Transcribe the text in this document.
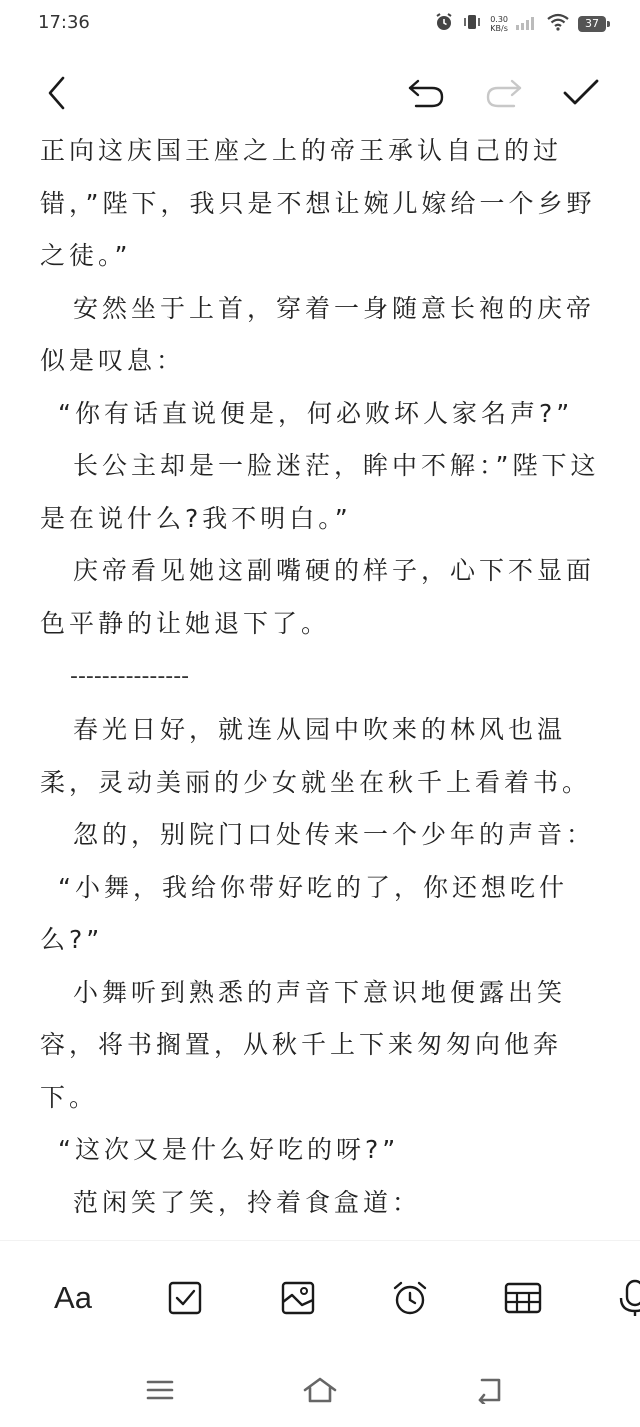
17:36	0.30
KB/s	37

正向这庆国王座之上的帝王承认自己的过错，”陛下，我只是不想让婉儿嫁给一个乡野之徒。”

安然坐于上首，穿着一身随意长袍的庆帝似是叹息：

“你有话直说便是，何必败坏人家名声?”

长公主却是一脸迷茫，眸中不解：”陛下这是在说什么?我不明白。”

庆帝看见她这副嘴硬的样子，心下不显面色平静的让她退下了。

---------------

春光日好，就连从园中吹来的林风也温柔，灵动美丽的少女就坐在秋千上看着书。

忽的，别院门口处传来一个少年的声音：

“小舞，我给你带好吃的了，你还想吃什么?”

小舞听到熟悉的声音下意识地便露出笑容，将书搁置，从秋千上下来匆匆向他奔下。

“这次又是什么好吃的呀?”

范闲笑了笑，拎着食盒道：

Aa
